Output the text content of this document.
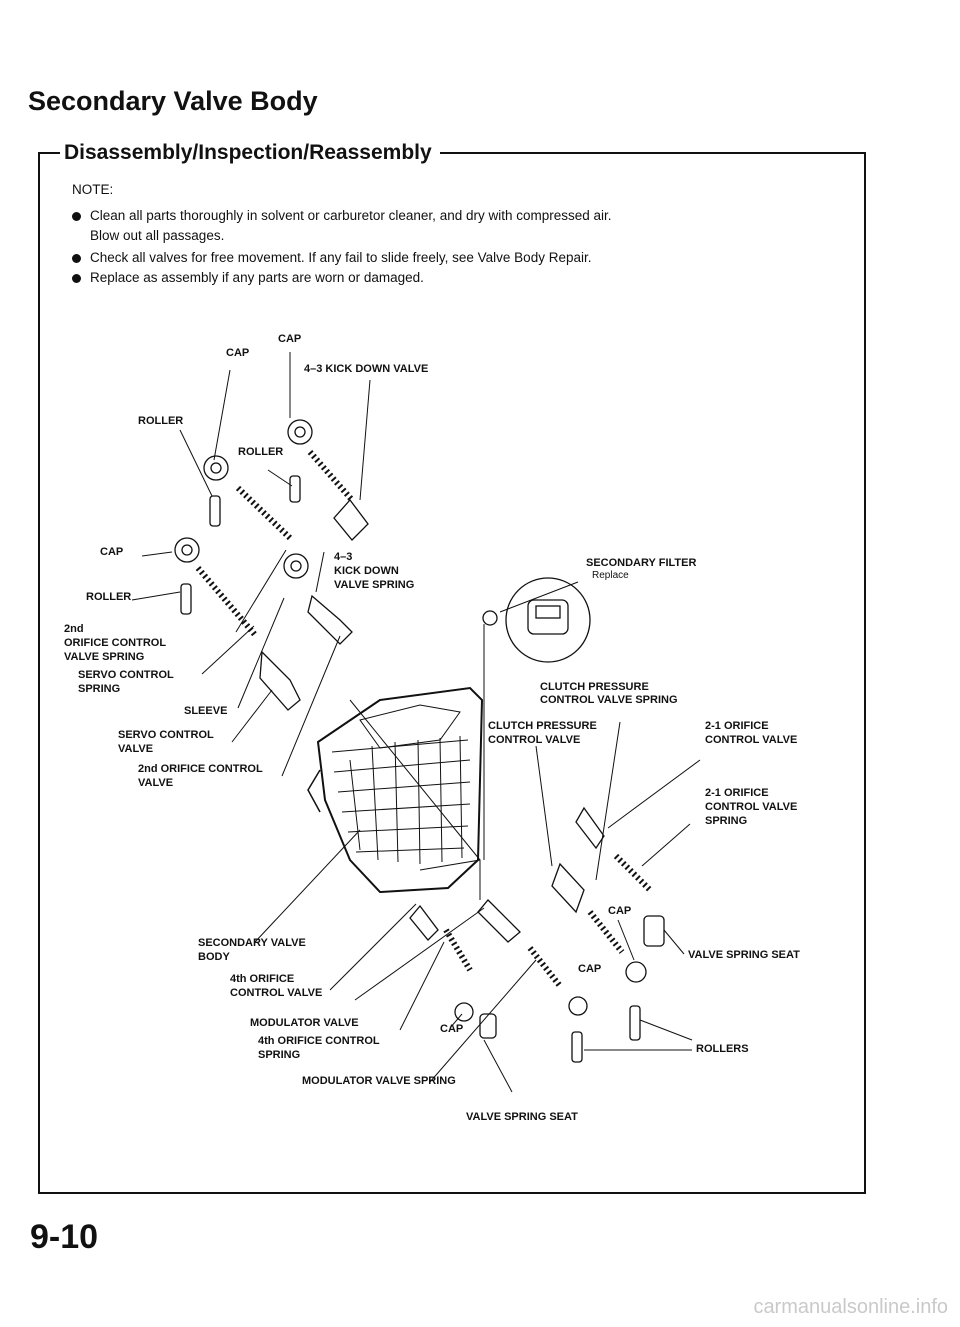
Secondary Valve Body
Disassembly/Inspection/Reassembly
NOTE:
Clean all parts thoroughly in solvent or carburetor cleaner, and dry with compressed air.
Blow out all passages.
Check all valves for free movement. If any fail to slide freely, see Valve Body Repair.
Replace as assembly if any parts are worn or damaged.
CAP
CAP
4–3 KICK DOWN VALVE
ROLLER
ROLLER
CAP
ROLLER
4–3
KICK DOWN
VALVE SPRING
SECONDARY FILTER
Replace
2nd
ORIFICE CONTROL
VALVE SPRING
SERVO CONTROL
SPRING
SLEEVE
SERVO CONTROL
VALVE
2nd ORIFICE CONTROL
VALVE
CLUTCH PRESSURE
CONTROL VALVE SPRING
CLUTCH PRESSURE
CONTROL VALVE
2-1 ORIFICE
CONTROL VALVE
2-1 ORIFICE
CONTROL VALVE
SPRING
CAP
VALVE SPRING SEAT
SECONDARY VALVE
BODY
4th ORIFICE
CONTROL VALVE
CAP
MODULATOR VALVE	CAP
4th ORIFICE CONTROL
SPRING	ROLLERS
MODULATOR VALVE SPRING
VALVE SPRING SEAT
9-10
carmanualsonline.info
